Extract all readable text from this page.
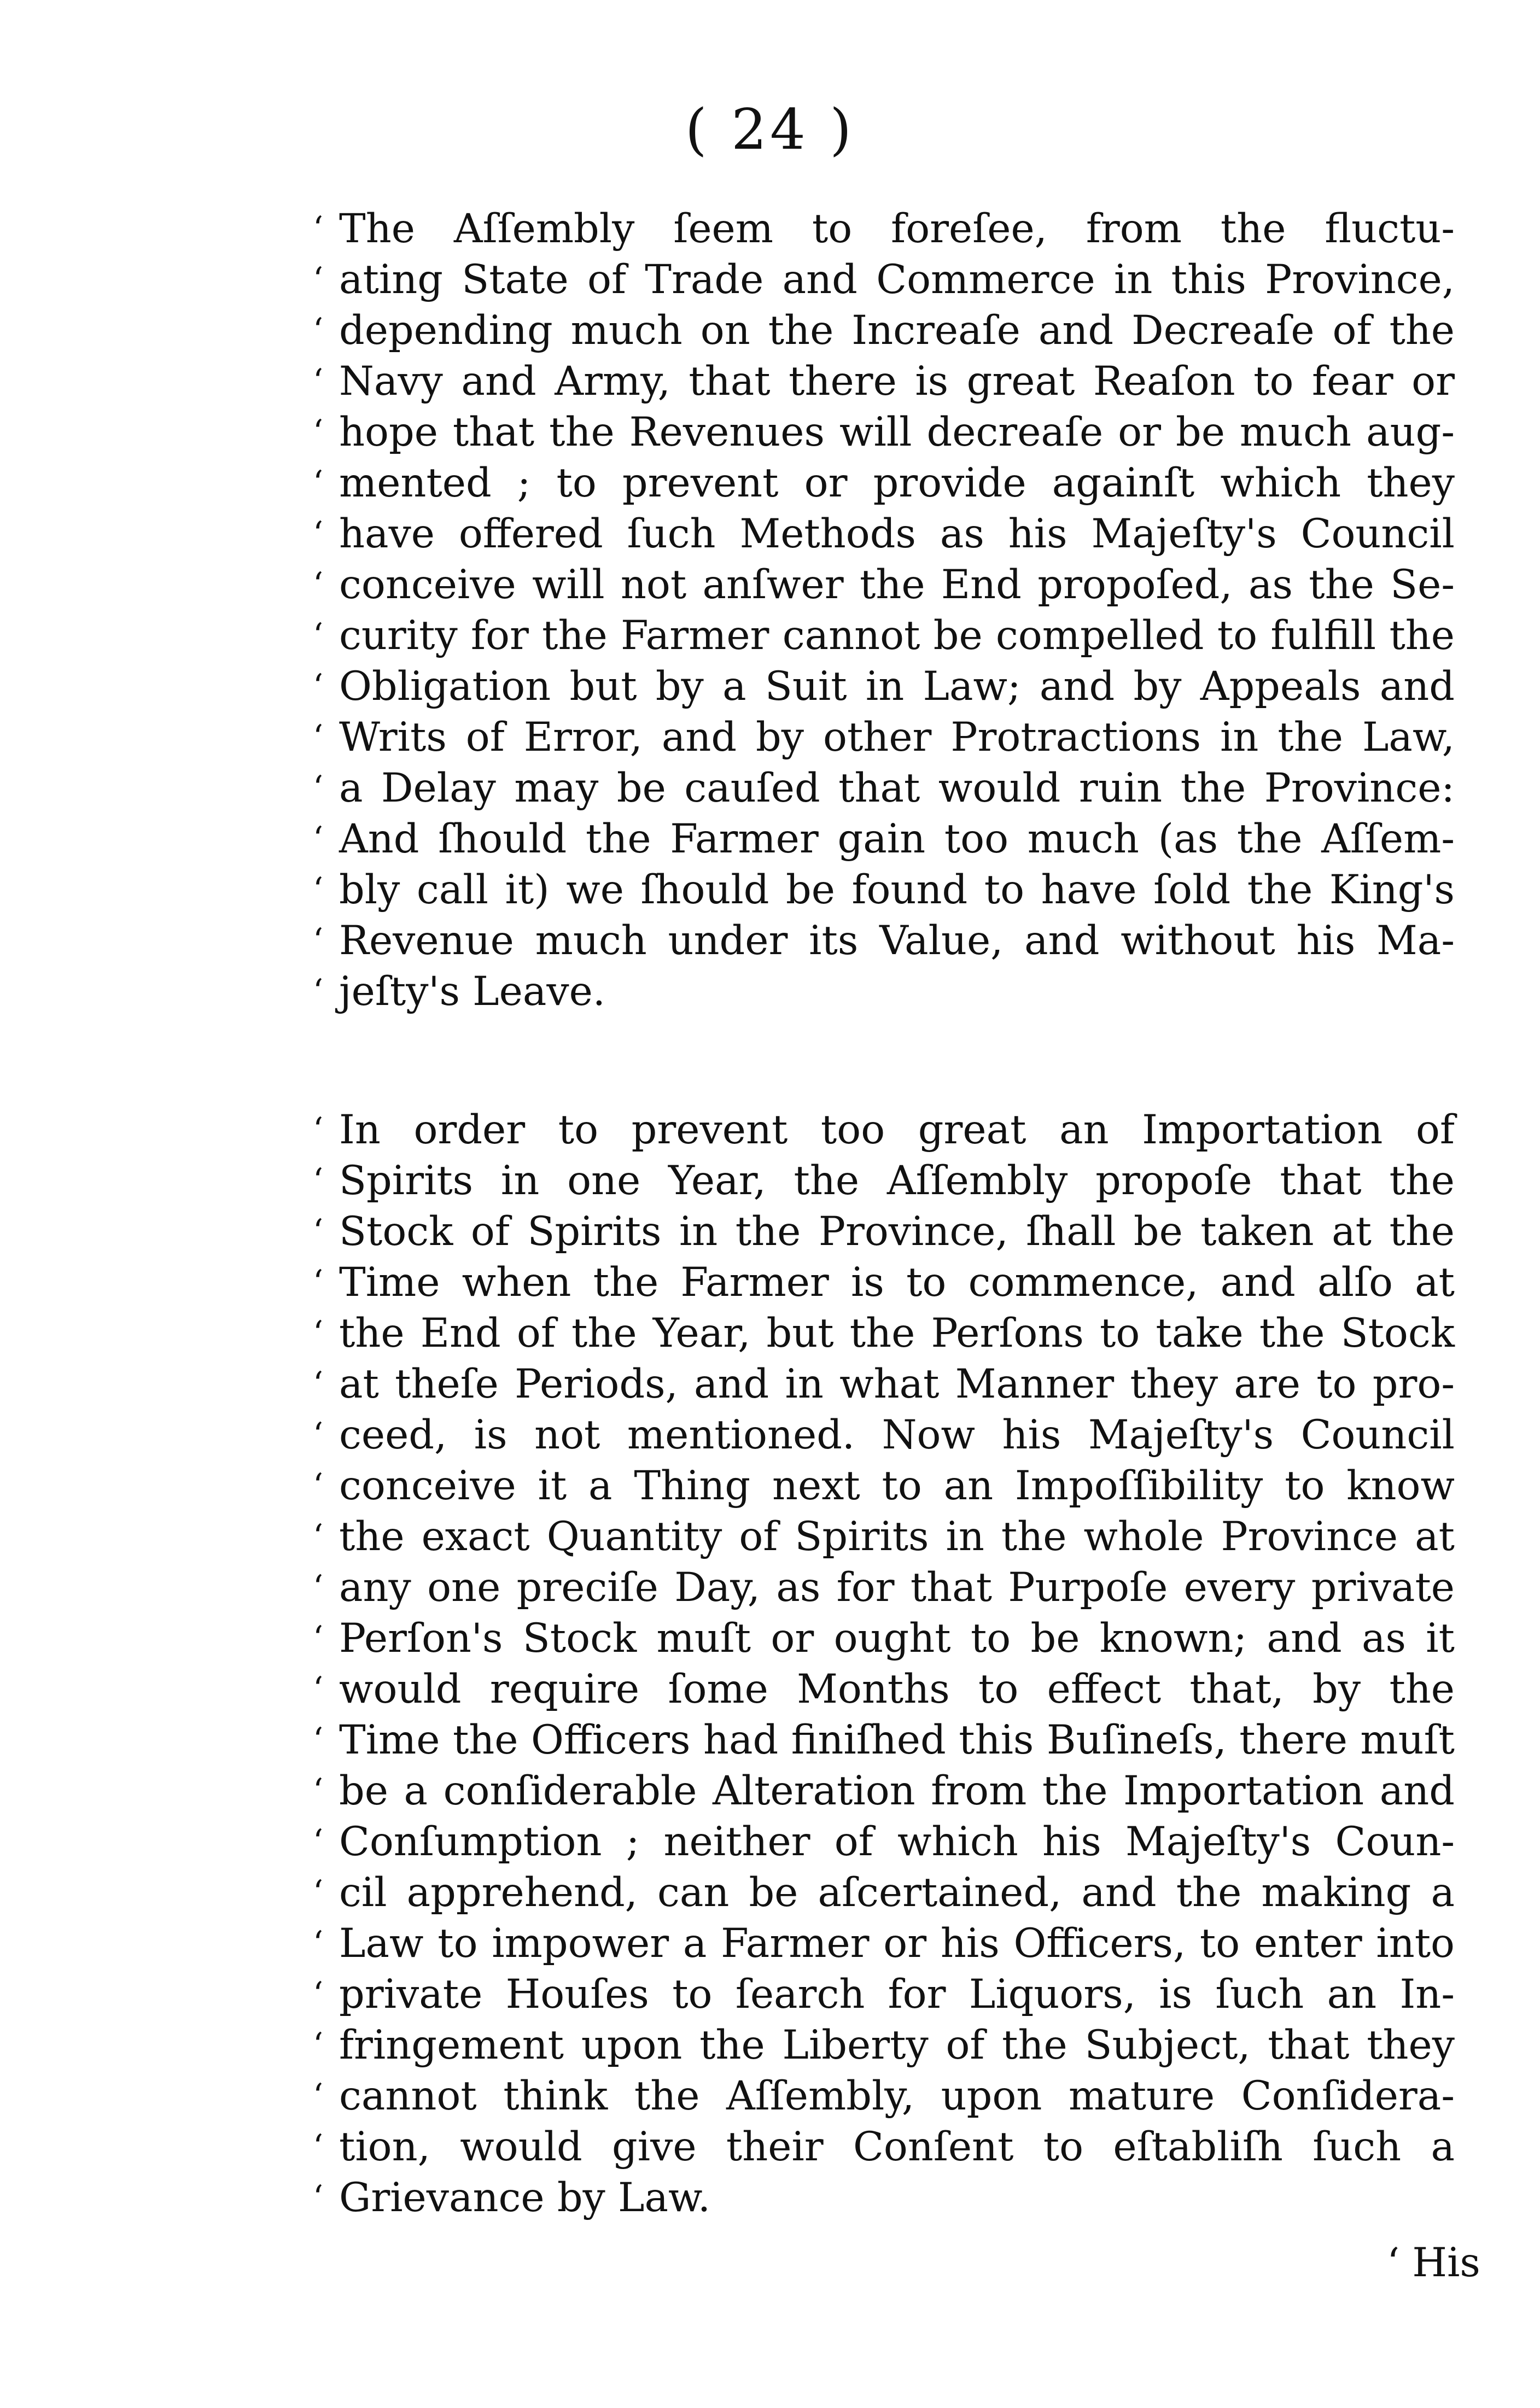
( 24 )
‘ The Aſſembly ſeem to foreſee, from the fluctu-
‘ ating State of Trade and Commerce in this Province,
‘ depending much on the Increaſe and Decreaſe of the
‘ Navy and Army, that there is great Reaſon to fear or
‘ hope that the Revenues will decreaſe or be much aug-
‘ mented ; to prevent or provide againſt which they
‘ have offered ſuch Methods as his Majeſty's Council
‘ conceive will not anſwer the End propoſed, as the Se-
‘ curity for the Farmer cannot be compelled to fulfill the
‘ Obligation but by a Suit in Law; and by Appeals and
‘ Writs of Error, and by other Protractions in the Law,
‘ a Delay may be cauſed that would ruin the Province:
‘ And ſhould the Farmer gain too much (as the Aſſem-
‘ bly call it) we ſhould be found to have ſold the King's
‘ Revenue much under its Value, and without his Ma-
‘ jeſty's Leave.
‘ In order to prevent too great an Importation of
‘ Spirits in one Year, the Aſſembly propoſe that the
‘ Stock of Spirits in the Province, ſhall be taken at the
‘ Time when the Farmer is to commence, and alſo at
‘ the End of the Year, but the Perſons to take the Stock
‘ at theſe Periods, and in what Manner they are to pro-
‘ ceed, is not mentioned. Now his Majeſty's Council
‘ conceive it a Thing next to an Impoſſibility to know
‘ the exact Quantity of Spirits in the whole Province at
‘ any one preciſe Day, as for that Purpoſe every private
‘ Perſon's Stock muſt or ought to be known; and as it
‘ would require ſome Months to effect that, by the
‘ Time the Officers had finiſhed this Buſineſs, there muſt
‘ be a conſiderable Alteration from the Importation and
‘ Conſumption ; neither of which his Majeſty's Coun-
‘ cil apprehend, can be aſcertained, and the making a
‘ Law to impower a Farmer or his Officers, to enter into
‘ private Houſes to ſearch for Liquors, is ſuch an In-
‘ fringement upon the Liberty of the Subject, that they
‘ cannot think the Aſſembly, upon mature Conſidera-
‘ tion, would give their Conſent to eſtabliſh ſuch a
‘ Grievance by Law.
‘ His
